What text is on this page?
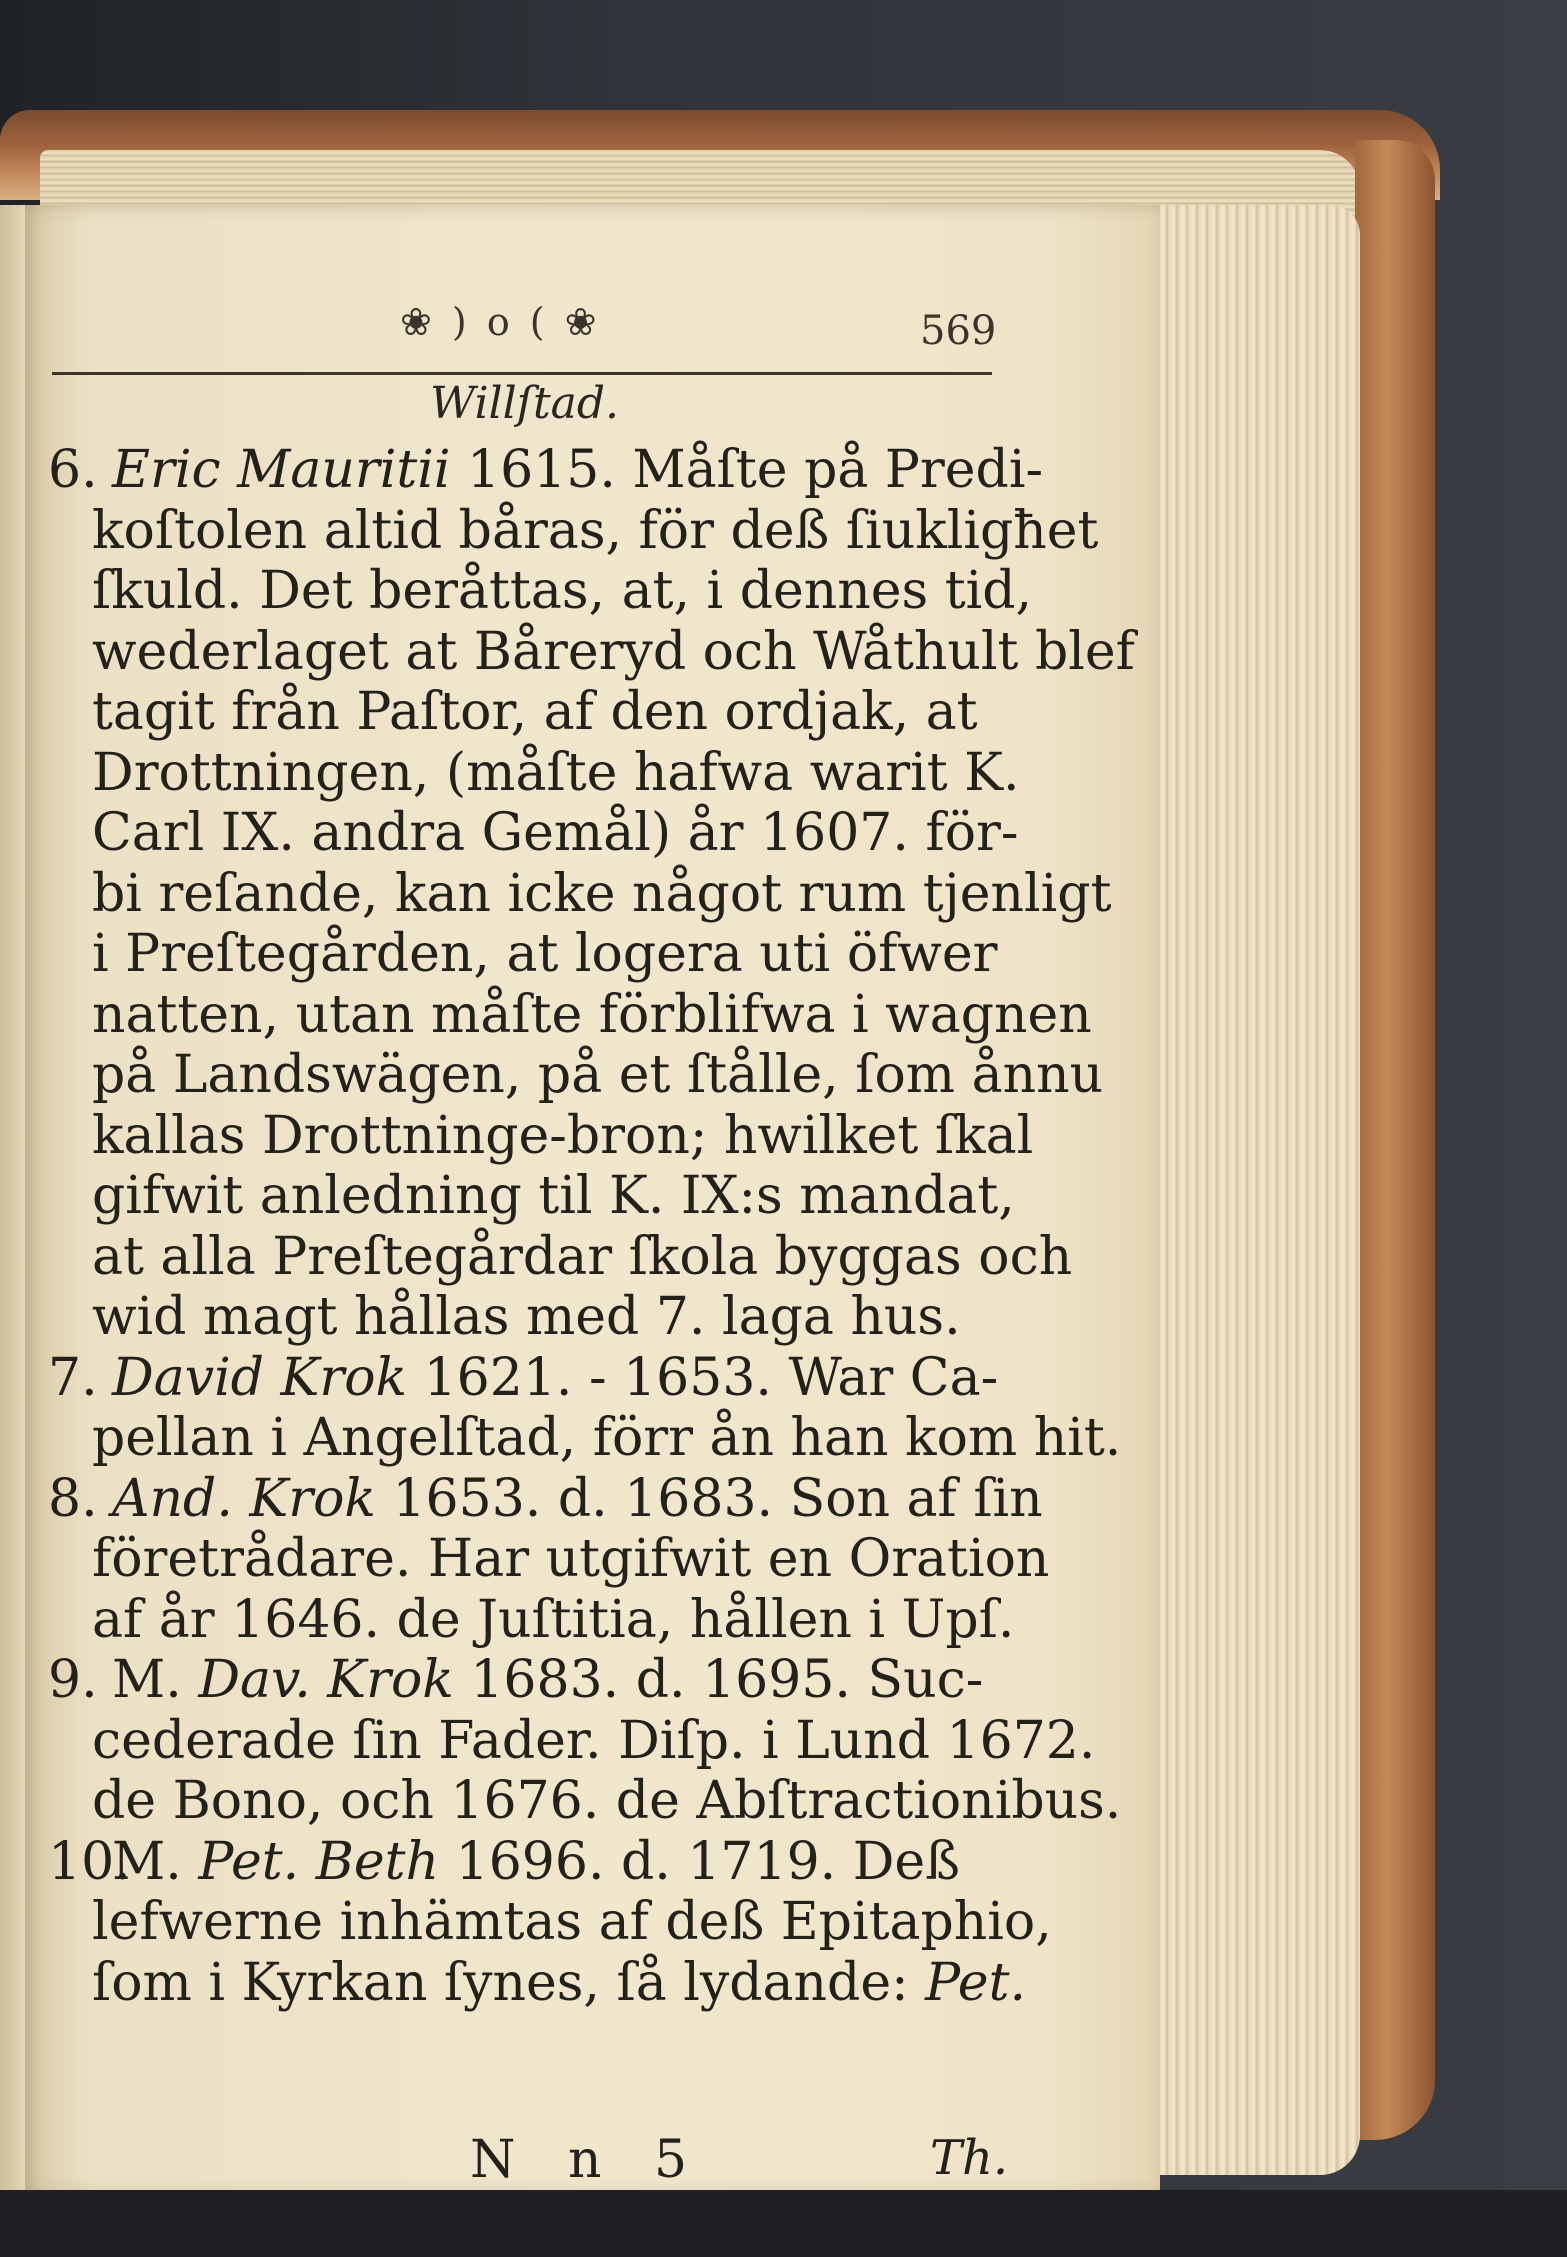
❀ ) o ( ❀	569
Willſtad.
6. Eric Mauritii 1615. Måſte på Predi-
koſtolen altid båras, för deß ſiukligħet
ſkuld. Det beråttas, at, i dennes tid,
wederlaget at Båreryd och Wåthult blef
tagit från Paſtor, af den ordjak, at
Drottningen, (måſte hafwa warit K.
Carl IX. andra Gemål) år 1607. för-
bi reſande, kan icke något rum tjenligt
i Preſtegården, at logera uti öfwer
natten, utan måſte förblifwa i wagnen
på Landswägen, på et ſtålle, ſom ånnu
kallas Drottninge-bron; hwilket ſkal
gifwit anledning til K. IX:s mandat,
at alla Preſtegårdar ſkola byggas och
wid magt hållas med 7. laga hus.
7. David Krok 1621. - 1653. War Ca-
pellan i Angelſtad, förr ån han kom hit.
8. And. Krok 1653. d. 1683. Son af ſin
företrådare. Har utgifwit en Oration
af år 1646. de Juſtitia, hållen i Upſ.
9. M. Dav. Krok 1683. d. 1695. Suc-
cederade ſin Fader. Diſp. i Lund 1672.
de Bono, och 1676. de Abſtractionibus.
10.
M. Pet. Beth 1696. d. 1719. Deß
lefwerne inhämtas af deß Epitaphio,
ſom i Kyrkan ſynes, ſå lydande: Pet.
N n 5	Th.
